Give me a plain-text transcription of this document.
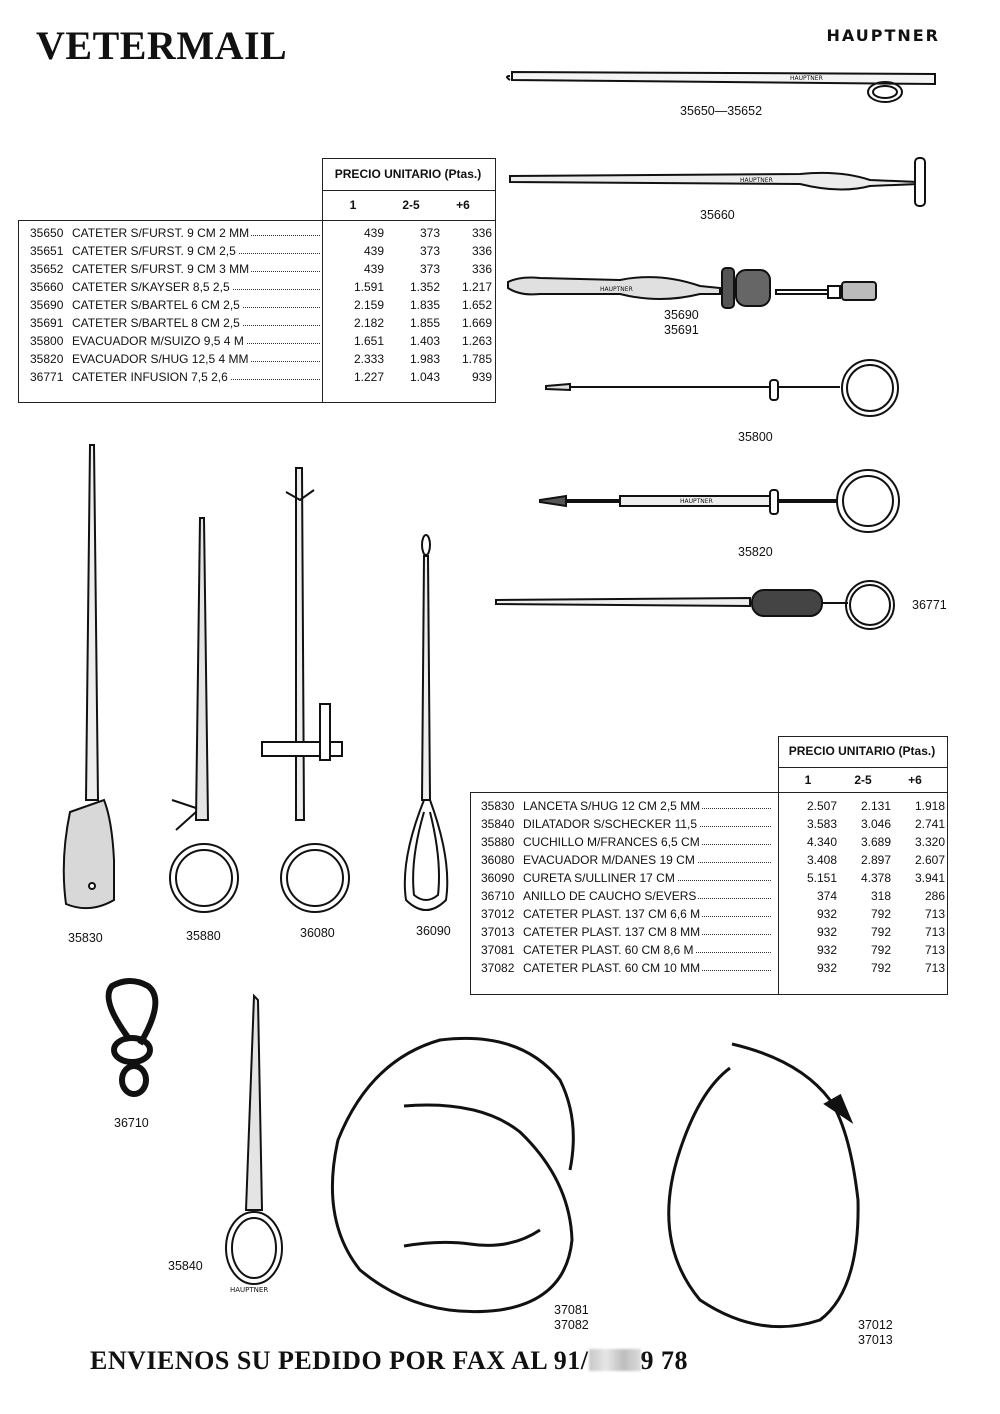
VETERMAIL	HAUPTNER
PRECIO UNITARIO (Ptas.)
1	2-5	+6
35650 CATETER S/FURST. 9 CM 2 MM	439	373	336
35651 CATETER S/FURST. 9 CM 2,5	439	373	336
35652 CATETER S/FURST. 9 CM 3 MM	439	373	336
35660 CATETER S/KAYSER 8,5 2,5	1.591	1.352	1.217
35690 CATETER S/BARTEL 6 CM 2,5	2.159	1.835	1.652
35691 CATETER S/BARTEL 8 CM 2,5	2.182	1.855	1.669
35800 EVACUADOR M/SUIZO 9,5 4 M	1.651	1.403	1.263
35820 EVACUADOR S/HUG 12,5 4 MM	2.333	1.983	1.785
36771 CATETER INFUSION 7,5 2,6	1.227	1.043	939
PRECIO UNITARIO (Ptas.)
1	2-5	+6
35830 LANCETA S/HUG 12 CM 2,5 MM	2.507	2.131	1.918
35840 DILATADOR S/SCHECKER 11,5	3.583	3.046	2.741
35880 CUCHILLO M/FRANCES 6,5 CM	4.340	3.689	3.320
36080 EVACUADOR M/DANES 19 CM	3.408	2.897	2.607
36090 CURETA S/ULLINER 17 CM	5.151	4.378	3.941
36710 ANILLO DE CAUCHO S/EVERS	374	318	286
37012 CATETER PLAST. 137 CM 6,6 M	932	792	713
37013 CATETER PLAST. 137 CM 8 MM	932	792	713
37081 CATETER PLAST. 60 CM 8,6 M	932	792	713
37082 CATETER PLAST. 60 CM 10 MM	932	792	713
HAUPTNER
HAUPTNER
HAUPTNER
HAUPTNER
HAUPTNER
35650—35652
35660
35690
35691
35800
35820
36771
35830	35880	36080	36090
36710
35840
37081
37082	37012
37013
ENVIENOS SU PEDIDO POR FAX AL 91/ 9 78
